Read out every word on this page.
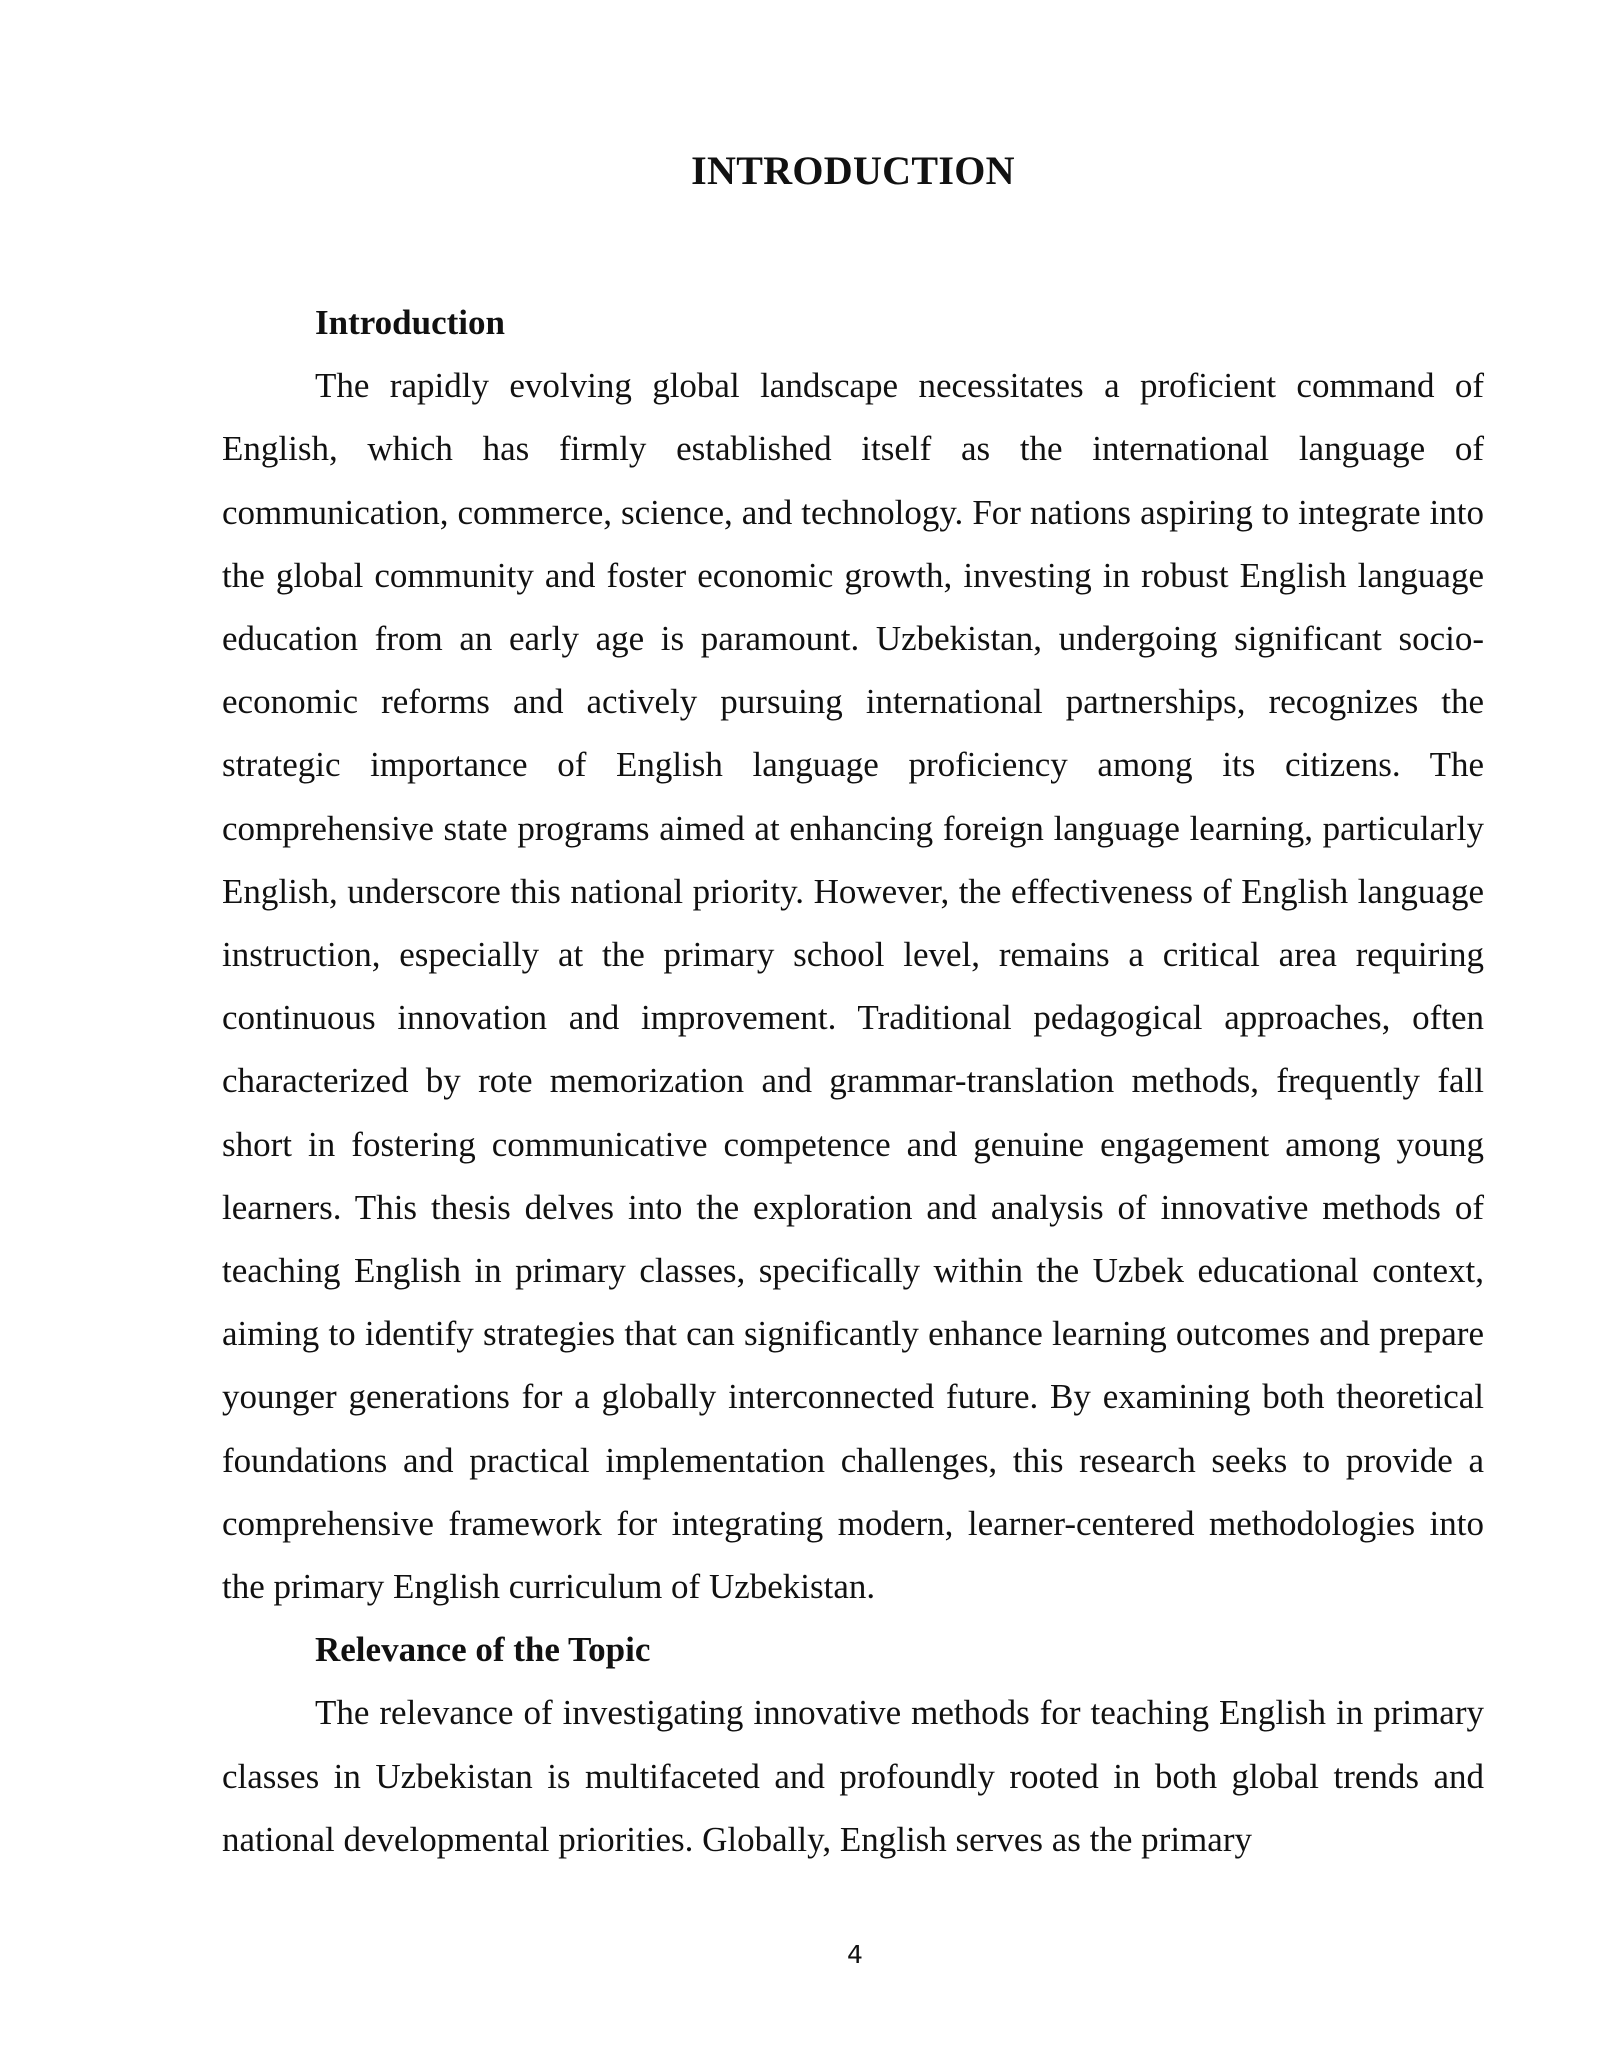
INTRODUCTION
Introduction

The rapidly evolving global landscape necessitates a proficient command of English, which has firmly established itself as the international language of communication, commerce, science, and technology. For nations aspiring to integrate into the global community and foster economic growth, investing in robust English language education from an early age is paramount. Uzbekistan, undergoing significant socio-economic reforms and actively pursuing international partnerships, recognizes the strategic importance of English language proficiency among its citizens. The comprehensive state programs aimed at enhancing foreign language learning, particularly English, underscore this national priority. However, the effectiveness of English language instruction, especially at the primary school level, remains a critical area requiring continuous innovation and improvement. Traditional pedagogical approaches, often characterized by rote memorization and grammar-translation methods, frequently fall short in fostering communicative competence and genuine engagement among young learners. This thesis delves into the exploration and analysis of innovative methods of teaching English in primary classes, specifically within the Uzbek educational context, aiming to identify strategies that can significantly enhance learning outcomes and prepare younger generations for a globally interconnected future. By examining both theoretical foundations and practical implementation challenges, this research seeks to provide a comprehensive framework for integrating modern, learner-centered methodologies into the primary English curriculum of Uzbekistan.

Relevance of the Topic

The relevance of investigating innovative methods for teaching English in primary classes in Uzbekistan is multifaceted and profoundly rooted in both global trends and national developmental priorities. Globally, English serves as the primary

4
